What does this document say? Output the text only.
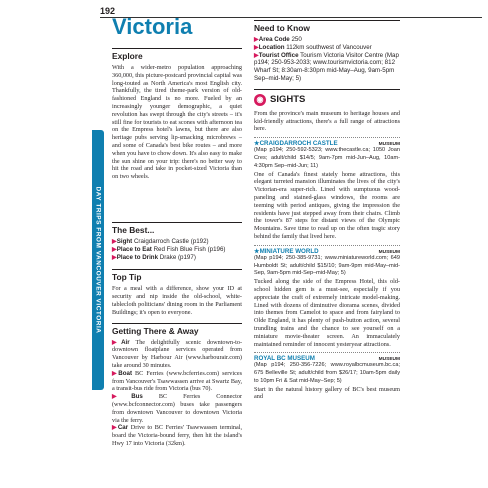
192
DAY TRIPS FROM VANCOUVER VICTORIA
Victoria
Explore

With a wider-metro population approaching 360,000, this picture-postcard provincial capital was long-touted as North America's most English city. Thankfully, the tired theme-park version of old-fashioned England is no more. Fueled by an increasingly younger demographic, a quiet revolution has swept through the city's streets – it's still fine for tourists to eat scones with afternoon tea on the Empress hotel's lawns, but there are also heritage pubs serving lip-smacking microbrews – and some of Canada's best bike routes – and more when you have to chow down. It's also easy to make the sun shine on your trip: there's no better way to hit the road and take in pocket-sized Victoria than on two wheels.

The Best...

▶Sight Craigdarroch Castle (p192)

▶Place to Eat Red Fish Blue Fish (p196)

▶Place to Drink Drake (p197)

Top Tip

For a meal with a difference, show your ID at security and nip inside the old-school, white-tablecloth politicians' dining room in the Parliament Buildings; it's open to everyone.

Getting There & Away

▶Air The delightfully scenic downtown-to-downtown floatplane services operated from Vancouver by Harbour Air (www.harbourair.com) take around 30 minutes.

▶Boat BC Ferries (www.bcferries.com) services from Vancouver's Tsawwassen arrive at Swartz Bay, a transit-bus ride from Victoria (bus 70).

▶Bus	BC Ferries Connector (www.bcfconnector.com) buses take passengers from downtown Vancouver to downtown Victoria via the ferry.

▶Car Drive to BC Ferries' Tsawwassen terminal, board the Victoria-bound ferry, then hit the island's Hwy 17 into Victoria (32km).

Need to Know

▶Area Code 250

▶Location 112km southwest of Vancouver

▶Tourist Office Tourism Victoria Visitor Centre (Map p194; 250-953-2033; www.tourismvictoria.com; 812 Wharf St; 8:30am-8:30pm mid-May–Aug, 9am-5pm Sep–mid-May; 5)

◉ SIGHTS

From the province's main museum to heritage houses and kid-friendly attractions, there's a full range of attractions here.

★CRAIGDARROCH CASTLE	MUSEUM

(Map p194; 250-592-5323; www.thecastle.ca; 1050 Joan Cres; adult/child $14/5; 9am-7pm mid-Jun–Aug, 10am-4:30pm Sep–mid-Jun; 11)

One of Canada's finest stately home attractions, this elegant turreted mansion illuminates the lives of the city's Victorian-era super-rich. Lined with sumptuous wood-paneling and stained-glass windows, the rooms are teeming with period antiques, giving the impression the residents have just stepped away from their chairs. Climb the tower's 87 steps for distant views of the Olympic Mountains. Save time to read up on the often tragic story behind the family that lived here.

★MINIATURE WORLD	MUSEUM

(Map p194; 250-385-9731; www.miniatureworld.com; 649 Humboldt St; adult/child $15/10; 9am-9pm mid-May–mid-Sep, 9am-5pm mid-Sep–mid-May; 5)

Tucked along the side of the Empress Hotel, this old-school hidden gem is a must-see, especially if you appreciate the craft of extremely intricate model-making. Lined with dozens of diminutive diorama scenes, divided into themes from Camelot to space and from fairyland to Olde England, it has plenty of push-button action, several trundling trains and the chance to see yourself on a miniature movie-theater screen. An immaculately maintained reminder of innocent yesteryear attractions.

ROYAL BC MUSEUM	MUSEUM

(Map p194; 250-356-7226; www.royalbcmuseum.bc.ca; 675 Belleville St; adult/child from $26/17; 10am-5pm daily to 10pm Fri & Sat mid-May–Sep; 5)

Start in the natural history gallery of BC's best museum and
